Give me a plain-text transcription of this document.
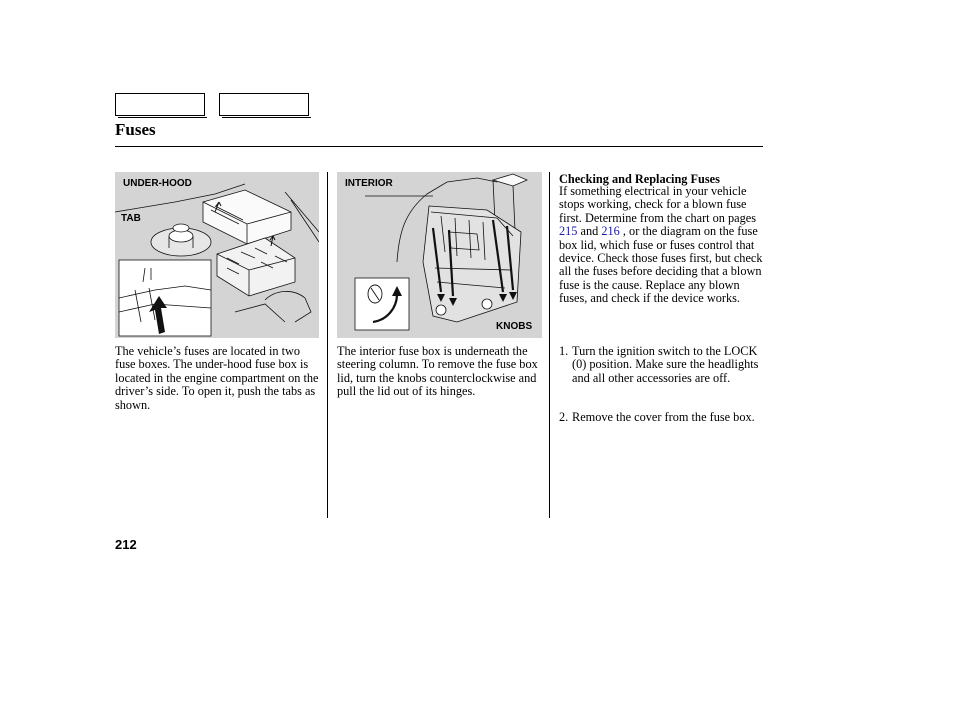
Fuses
UNDER-HOOD
TAB
INTERIOR
KNOBS
The vehicle’s fuses are located in two fuse boxes. The under-hood fuse box is located in the engine compartment on the driver’s side. To open it, push the tabs as shown.
The interior fuse box is underneath the steering column. To remove the fuse box lid, turn the knobs counterclockwise and pull the lid out of its hinges.
Checking and Replacing Fuses
If something electrical in your vehicle stops working, check for a blown fuse first. Determine from the chart on pages 215 and 216 , or the diagram on the fuse box lid, which fuse or fuses control that device. Check those fuses first, but check all the fuses before deciding that a blown fuse is the cause. Replace any blown fuses, and check if the device works.
1. Turn the ignition switch to the LOCK (0) position. Make sure the headlights and all other accessories are off.
2. Remove the cover from the fuse box.
212
